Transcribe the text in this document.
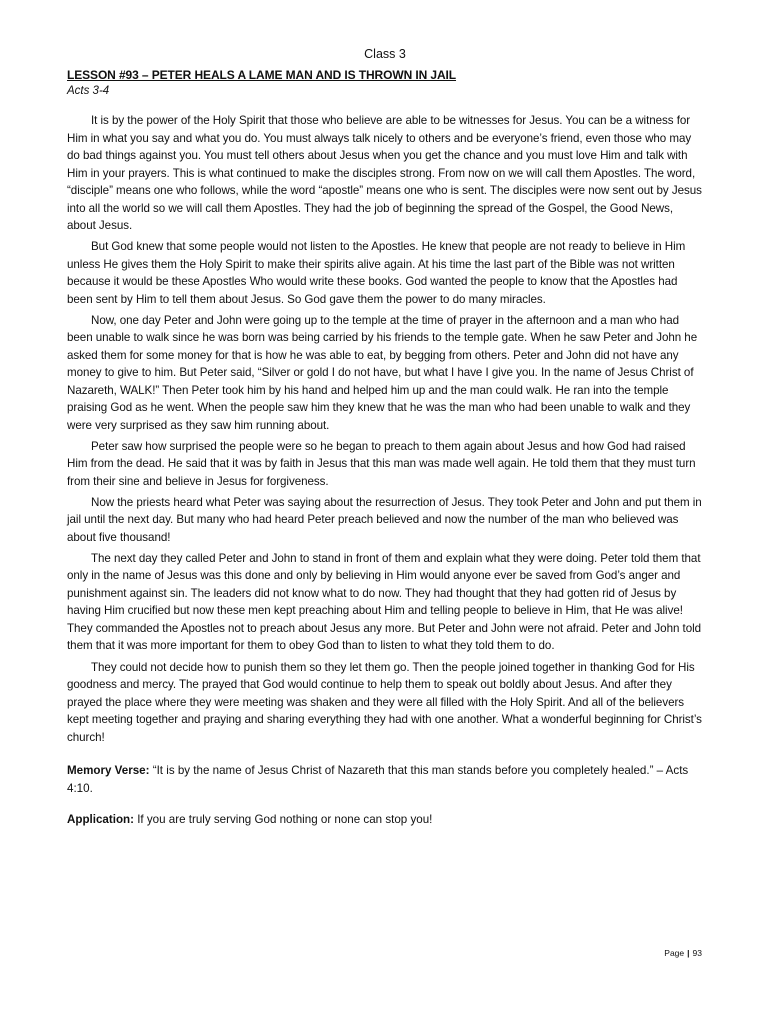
Class 3
LESSON #93 – PETER HEALS A LAME MAN AND IS THROWN IN JAIL
Acts 3-4

It is by the power of the Holy Spirit that those who believe are able to be witnesses for Jesus. You can be a witness for Him in what you say and what you do. You must always talk nicely to others and be everyone’s friend, even those who may do bad things against you. You must tell others about Jesus when you get the chance and you must love Him and talk with Him in your prayers. This is what continued to make the disciples strong. From now on we will call them Apostles. The word, “disciple” means one who follows, while the word “apostle” means one who is sent. The disciples were now sent out by Jesus into all the world so we will call them Apostles. They had the job of beginning the spread of the Gospel, the Good News, about Jesus.

But God knew that some people would not listen to the Apostles. He knew that people are not ready to believe in Him unless He gives them the Holy Spirit to make their spirits alive again. At his time the last part of the Bible was not written because it would be these Apostles Who would write these books. God wanted the people to know that the Apostles had been sent by Him to tell them about Jesus. So God gave them the power to do many miracles.

Now, one day Peter and John were going up to the temple at the time of prayer in the afternoon and a man who had been unable to walk since he was born was being carried by his friends to the temple gate. When he saw Peter and John he asked them for some money for that is how he was able to eat, by begging from others. Peter and John did not have any money to give to him. But Peter said, “Silver or gold I do not have, but what I have I give you. In the name of Jesus Christ of Nazareth, WALK!” Then Peter took him by his hand and helped him up and the man could walk. He ran into the temple praising God as he went. When the people saw him they knew that he was the man who had been unable to walk and they were very surprised as they saw him running about.

Peter saw how surprised the people were so he began to preach to them again about Jesus and how God had raised Him from the dead. He said that it was by faith in Jesus that this man was made well again. He told them that they must turn from their sine and believe in Jesus for forgiveness.

Now the priests heard what Peter was saying about the resurrection of Jesus. They took Peter and John and put them in jail until the next day. But many who had heard Peter preach believed and now the number of the man who believed was about five thousand!

The next day they called Peter and John to stand in front of them and explain what they were doing. Peter told them that only in the name of Jesus was this done and only by believing in Him would anyone ever be saved from God’s anger and punishment against sin. The leaders did not know what to do now. They had thought that they had gotten rid of Jesus by having Him crucified but now these men kept preaching about Him and telling people to believe in Him, that He was alive! They commanded the Apostles not to preach about Jesus any more. But Peter and John were not afraid. Peter and John told them that it was more important for them to obey God than to listen to what they told them to do.

They could not decide how to punish them so they let them go. Then the people joined together in thanking God for His goodness and mercy. The prayed that God would continue to help them to speak out boldly about Jesus. And after they prayed the place where they were meeting was shaken and they were all filled with the Holy Spirit. And all of the believers kept meeting together and praying and sharing everything they had with one another. What a wonderful beginning for Christ’s church!

Memory Verse: “It is by the name of Jesus Christ of Nazareth that this man stands before you completely healed.” – Acts 4:10.

Application: If you are truly serving God nothing or none can stop you!

Page | 93
